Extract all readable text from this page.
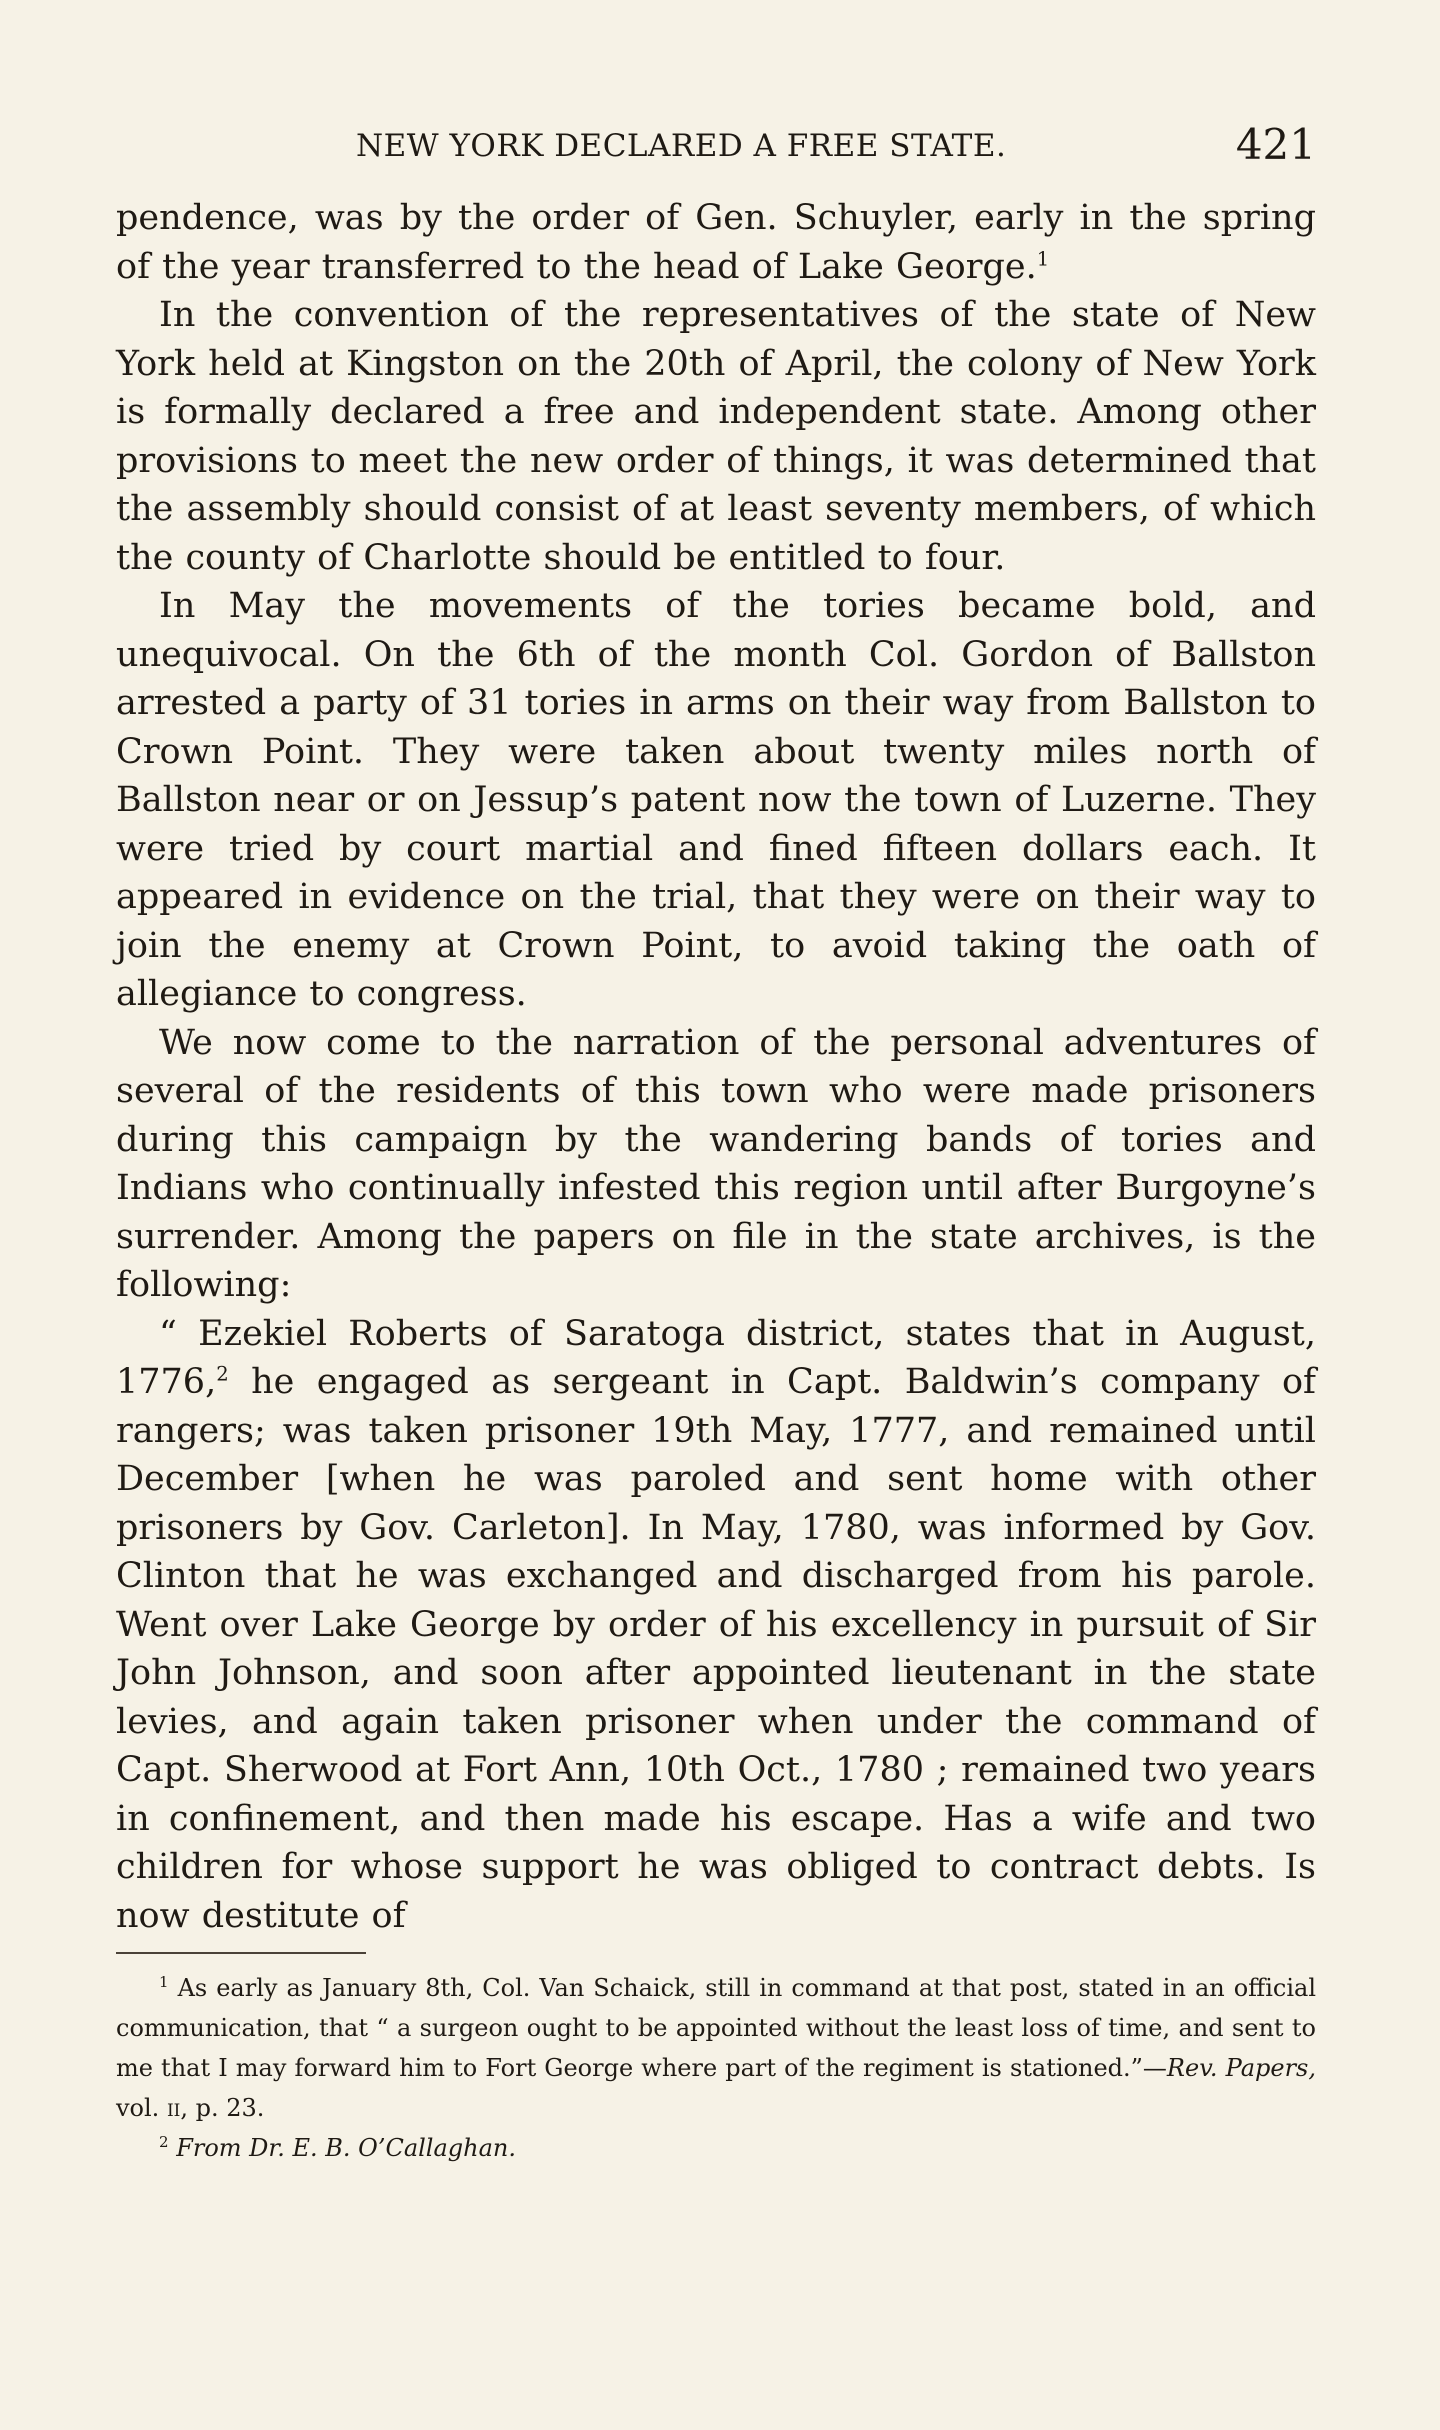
NEW YORK DECLARED A FREE STATE.	421

pendence, was by the order of Gen. Schuyler, early in the spring of the year transferred to the head of Lake George.$^1$

In the convention of the representatives of the state of New York held at Kingston on the 20th of April, the colony of New York is formally declared a free and independent state. Among other provisions to meet the new order of things, it was determined that the assembly should consist of at least seventy members, of which the county of Charlotte should be entitled to four.

In May the movements of the tories became bold, and unequivocal. On the 6th of the month Col. Gordon of Ballston arrested a party of 31 tories in arms on their way from Ballston to Crown Point. They were taken about twenty miles north of Ballston near or on Jessup’s patent now the town of Luzerne. They were tried by court martial and fined fifteen dollars each. It appeared in evidence on the trial, that they were on their way to join the enemy at Crown Point, to avoid taking the oath of allegiance to congress.

We now come to the narration of the personal adventures of several of the residents of this town who were made prisoners during this campaign by the wandering bands of tories and Indians who continually infested this region until after Burgoyne’s surrender. Among the papers on file in the state archives, is the following:

“ Ezekiel Roberts of Saratoga district, states that in August, 1776,$^2$ he engaged as sergeant in Capt. Baldwin’s company of rangers; was taken prisoner 19th May, 1777, and remained until December [when he was paroled and sent home with other prisoners by Gov. Carleton]. In May, 1780, was informed by Gov. Clinton that he was exchanged and discharged from his parole. Went over Lake George by order of his excellency in pursuit of Sir John Johnson, and soon after appointed lieutenant in the state levies, and again taken prisoner when under the command of Capt. Sherwood at Fort Ann, 10th Oct., 1780 ; remained two years in confinement, and then made his escape. Has a wife and two children for whose support he was obliged to contract debts. Is now destitute of

$^1$ As early as January 8th, Col. Van Schaick, still in command at that post, stated in an official communication, that “ a surgeon ought to be appointed without the least loss of time, and sent to me that I may forward him to Fort George where part of the regiment is stationed.”—Rev. Papers, vol. ii, p. 23.

$^2$ From Dr. E. B. O’Callaghan.
